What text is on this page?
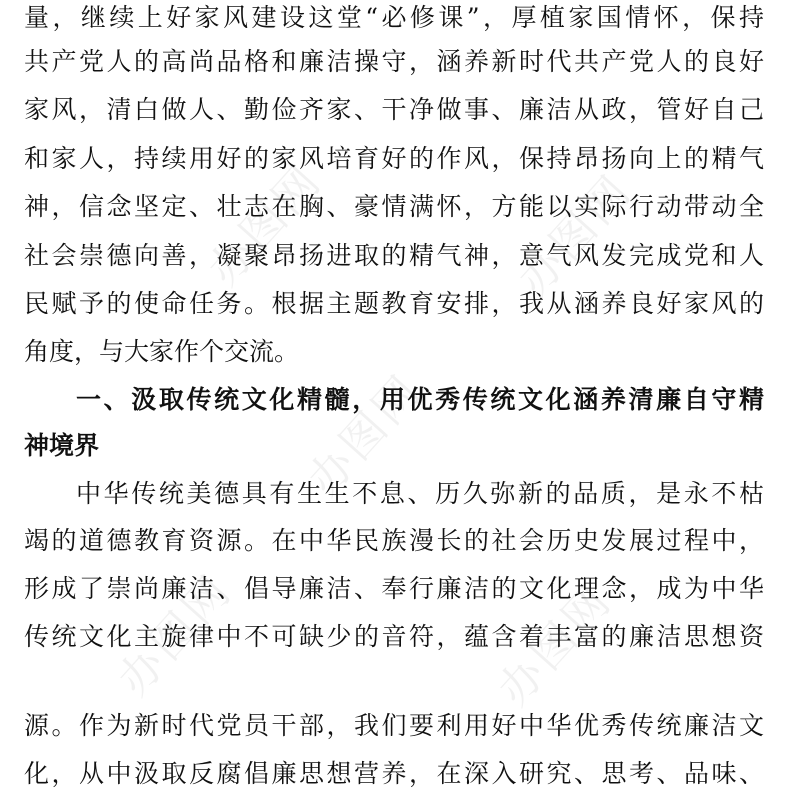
办图网	办图网
办图网
办图网	办图网
量，继续上好家风建设这堂“必修课”，厚植家国情怀，保持
共产党人的高尚品格和廉洁操守，涵养新时代共产党人的良好
家风，清白做人、勤俭齐家、干净做事、廉洁从政，管好自己
和家人，持续用好的家风培育好的作风，保持昂扬向上的精气
神，信念坚定、壮志在胸、豪情满怀，方能以实际行动带动全
社会崇德向善，凝聚昂扬进取的精气神，意气风发完成党和人
民赋予的使命任务。根据主题教育安排，我从涵养良好家风的
角度，与大家作个交流。
一、汲取传统文化精髓，用优秀传统文化涵养清廉自守精
神境界
中华传统美德具有生生不息、历久弥新的品质，是永不枯
竭的道德教育资源。在中华民族漫长的社会历史发展过程中，
形成了崇尚廉洁、倡导廉洁、奉行廉洁的文化理念，成为中华
传统文化主旋律中不可缺少的音符，蕴含着丰富的廉洁思想资
源。作为新时代党员干部，我们要利用好中华优秀传统廉洁文
化，从中汲取反腐倡廉思想营养，在深入研究、思考、品味、
